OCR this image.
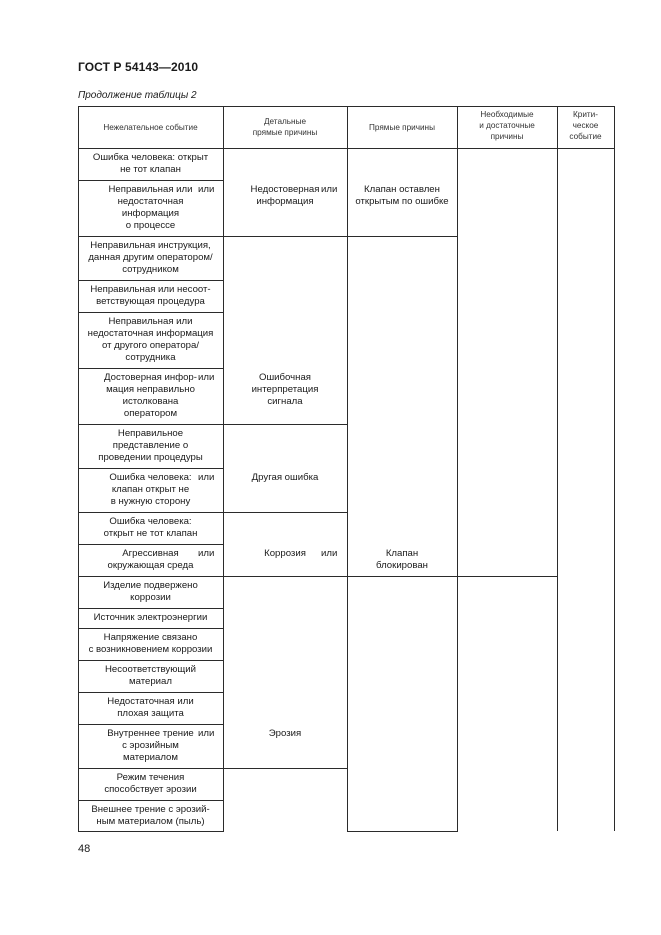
ГОСТ Р 54143—2010
Продолжение таблицы 2
Нежелательное событие
Детальные
прямые причины
Прямые причины
Необходимые
и достаточные
причины
Крити-
ческое
событие
Ошибка человека: открыт
не тот клапан
Неправильная или
недостаточная
информация
о процессе
Неправильная инструкция,
данная другим оператором/
сотрудником
Неправильная или несоот-
ветствующая процедура
Неправильная или
недостаточная информация
от другого оператора/
сотрудника
Достоверная инфор-
мация неправильно
истолкована
оператором
Неправильное
представление о
проведении процедуры
Ошибка человека:
клапан открыт не
в нужную сторону
Ошибка человека:
открыт не тот клапан
Агрессивная
окружающая среда
Изделие подвержено
коррозии
Источник электроэнергии
Напряжение связано
с возникновением коррозии
Несоответствующий
материал
Недостаточная или
плохая защита
Внутреннее трение
с эрозийным
материалом
Режим течения
способствует эрозии
Внешнее трение с эрозий-
ным материалом (пыль)
Недостоверная
информация
Ошибочная
интерпретация
сигнала
Другая ошибка
Коррозия
Эрозия
Клапан оставлен
открытым по ошибке
Клапан
блокирован
или	или
или
или
или	или
или
48
